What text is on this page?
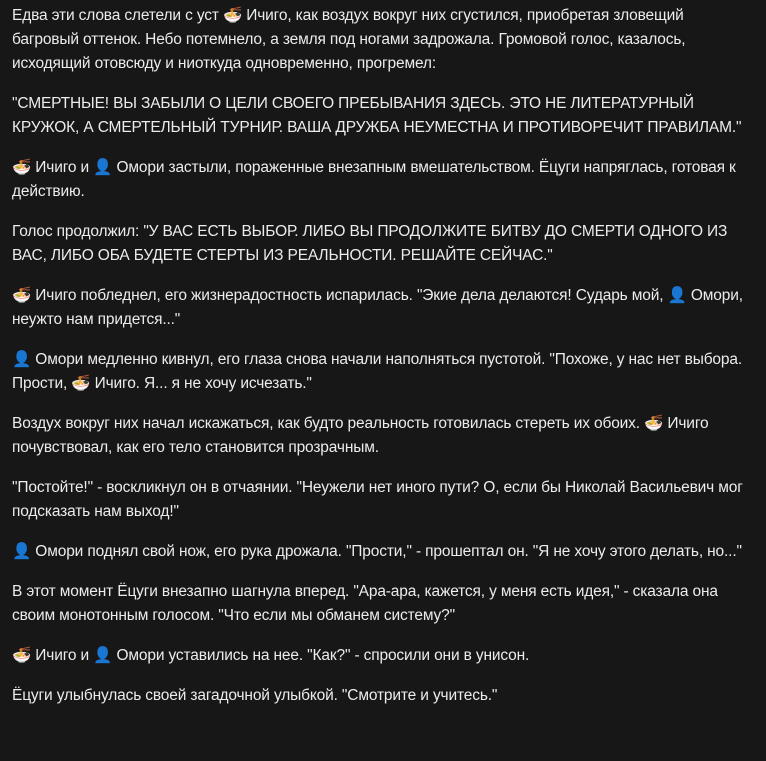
Едва эти слова слетели с уст 🍜 Ичиго, как воздух вокруг них сгустился, приобретая зловещий багровый оттенок. Небо потемнело, а земля под ногами задрожала. Громовой голос, казалось, исходящий отовсюду и ниоткуда одновременно, прогремел:

"СМЕРТНЫЕ! ВЫ ЗАБЫЛИ О ЦЕЛИ СВОЕГО ПРЕБЫВАНИЯ ЗДЕСЬ. ЭТО НЕ ЛИТЕРАТУРНЫЙ КРУЖОК, А СМЕРТЕЛЬНЫЙ ТУРНИР. ВАША ДРУЖБА НЕУМЕСТНА И ПРОТИВОРЕЧИТ ПРАВИЛАМ."

🍜 Ичиго и 👤 Омори застыли, пораженные внезапным вмешательством. Ёцуги напряглась, готовая к действию.

Голос продолжил: "У ВАС ЕСТЬ ВЫБОР. ЛИБО ВЫ ПРОДОЛЖИТЕ БИТВУ ДО СМЕРТИ ОДНОГО ИЗ ВАС, ЛИБО ОБА БУДЕТЕ СТЕРТЫ ИЗ РЕАЛЬНОСТИ. РЕШАЙТЕ СЕЙЧАС."

🍜 Ичиго побледнел, его жизнерадостность испарилась. "Экие дела делаются! Сударь мой, 👤 Омори, неужто нам придется..."

👤 Омори медленно кивнул, его глаза снова начали наполняться пустотой. "Похоже, у нас нет выбора. Прости, 🍜 Ичиго. Я... я не хочу исчезать."

Воздух вокруг них начал искажаться, как будто реальность готовилась стереть их обоих. 🍜 Ичиго почувствовал, как его тело становится прозрачным.

"Постойте!" - воскликнул он в отчаянии. "Неужели нет иного пути? О, если бы Николай Васильевич мог подсказать нам выход!"

👤 Омори поднял свой нож, его рука дрожала. "Прости," - прошептал он. "Я не хочу этого делать, но..."

В этот момент Ёцуги внезапно шагнула вперед. "Ара-ара, кажется, у меня есть идея," - сказала она своим монотонным голосом. "Что если мы обманем систему?"

🍜 Ичиго и 👤 Омори уставились на нее. "Как?" - спросили они в унисон.

Ёцуги улыбнулась своей загадочной улыбкой. "Смотрите и учитесь."
